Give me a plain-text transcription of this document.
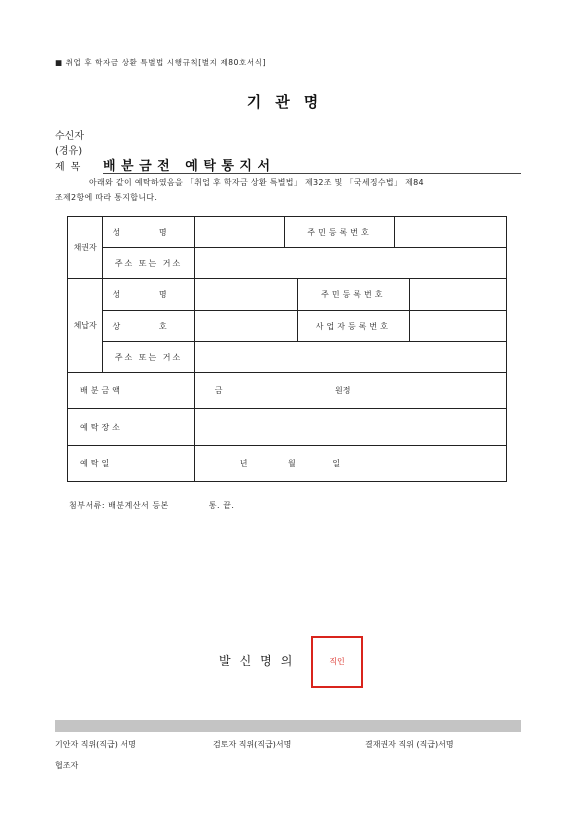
■ 취업 후 학자금 상환 특별법 시행규칙[별지 제80호서식]
기관명
수신자
(경유)
제목 배분금전 예탁통지서
아래와 같이 예탁하였음을 「취업 후 학자금 상환 특별법」 제32조 및 「국세징수법」 제84
조제2항에 따라 통지합니다.
채권자	성 명		주민등록번호			
	주소 또는 거소					
체납자	성 명			주민등록번호		
	상 호			사업자등록번호		
	주소 또는 거소					
배분금액		금 원정				
예탁장소						
예탁일		년 월 일				
첨부서류: 배분계산서 등본	통. 끝.
발신명의	직인
기안자 직위(직급) 서명	검토자 직위(직급)서명	결재권자 직위 (직급)서명
협조자
